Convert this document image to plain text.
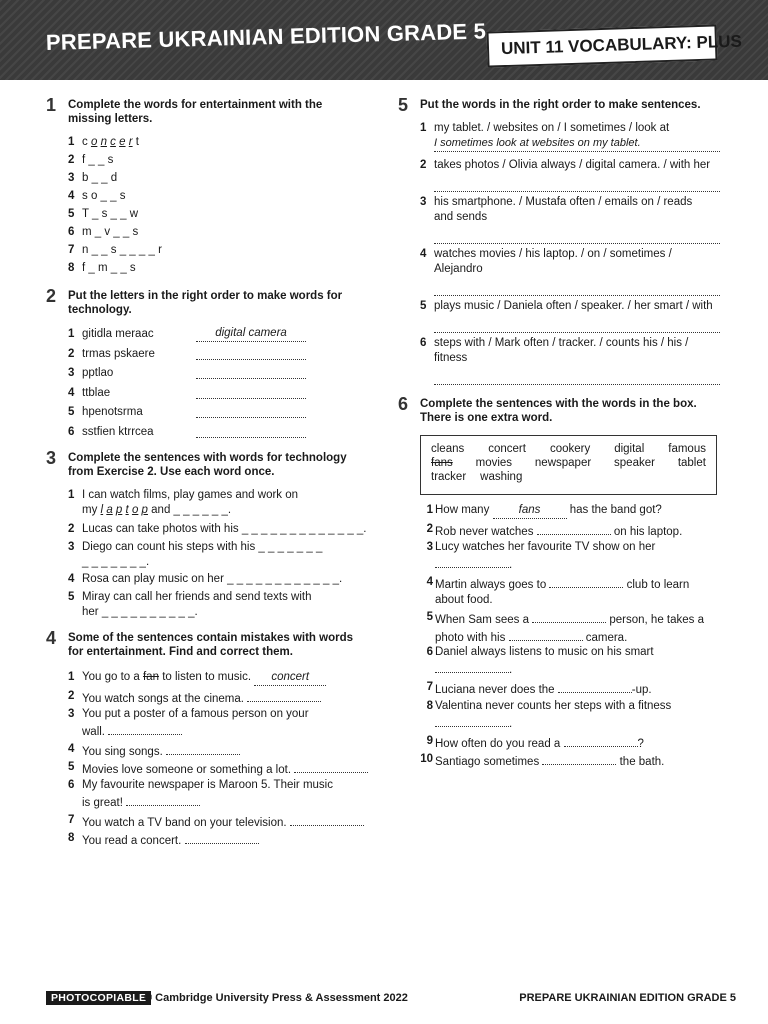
PREPARE UKRAINIAN EDITION GRADE 5 UNIT 11 VOCABULARY: PLUS
1 Complete the words for entertainment with the missing letters.
1 c o n c e r t
2 f _ _ s
3 b _ _ d
4 s o _ _ s
5 T _ s _ _ w
6 m _ v _ _ s
7 n _ _ s _ _ _ _ r
8 f _ m _ _ s
2 Put the letters in the right order to make words for technology.
1 gitidla meraac	digital camera
2 trmas pskaere
3 pptlao
4 ttblae
5 hpenotsrma
6 sstfien ktrrcea
3 Complete the sentences with words for technology from Exercise 2. Use each word once.
1 I can watch films, play games and work on
my l a p t o p and _ _ _ _ _ _.
2 Lucas can take photos with his _ _ _ _ _ _ _ _ _ _ _ _ _.
3 Diego can count his steps with his _ _ _ _ _ _ _
_ _ _ _ _ _ _.
4 Rosa can play music on her _ _ _ _ _ _ _ _ _ _ _ _.
5 Miray can call her friends and send texts with
her _ _ _ _ _ _ _ _ _ _.
4 Some of the sentences contain mistakes with words for entertainment. Find and correct them.
1 You go to a fan to listen to music. concert
2 You watch songs at the cinema.
3 You put a poster of a famous person on your
wall.
4 You sing songs.
5 Movies love someone or something a lot.
6 My favourite newspaper is Maroon 5. Their music
is great!
7 You watch a TV band on your television.
8 You read a concert.
5 Put the words in the right order to make sentences.
1 my tablet. / websites on / I sometimes / look at
I sometimes look at websites on my tablet.
2 takes photos / Olivia always / digital camera. / with her
3 his smartphone. / Mustafa often / emails on / reads
and sends
4 watches movies / his laptop. / on / sometimes /
Alejandro
5 plays music / Daniela often / speaker. / her smart / with
6 steps with / Mark often / tracker. / counts his / his /
fitness
6 Complete the sentences with the words in the box. There is one extra word.
cleans concert cookery digital famous
fans movies newspaper speaker tablet
tracker washing
1 How many	fans	has the band got?
2 Rob never watches	on his laptop.
3 Lucy watches her favourite TV show on her
.
4 Martin always goes to	club to learn
about food.
5 When Sam sees a	person, he takes a
photo with his	camera.
6 Daniel always listens to music on his smart
.
7 Luciana never does the	-up.
8 Valentina never counts her steps with a fitness
.
9 How often do you read a	?
10 Santiago sometimes	the bath.
PHOTOCOPIABLE
© Cambridge University Press & Assessment 2022	PREPARE UKRAINIAN EDITION GRADE 5
